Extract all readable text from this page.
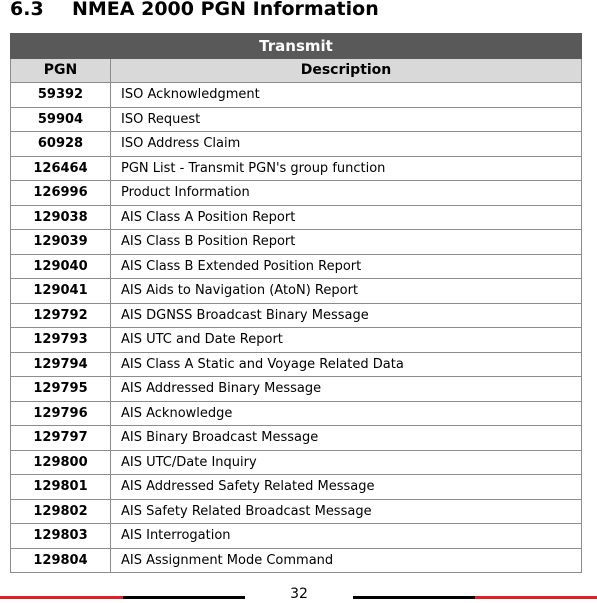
6.3 NMEA 2000 PGN Information
Transmit	
PGN	Description
59392	ISO Acknowledgment
59904	ISO Request
60928	ISO Address Claim
126464	PGN List - Transmit PGN's group function
126996	Product Information
129038	AIS Class A Position Report
129039	AIS Class B Position Report
129040	AIS Class B Extended Position Report
129041	AIS Aids to Navigation (AtoN) Report
129792	AIS DGNSS Broadcast Binary Message
129793	AIS UTC and Date Report
129794	AIS Class A Static and Voyage Related Data
129795	AIS Addressed Binary Message
129796	AIS Acknowledge
129797	AIS Binary Broadcast Message
129800	AIS UTC/Date Inquiry
129801	AIS Addressed Safety Related Message
129802	AIS Safety Related Broadcast Message
129803	AIS Interrogation
129804	AIS Assignment Mode Command
32
